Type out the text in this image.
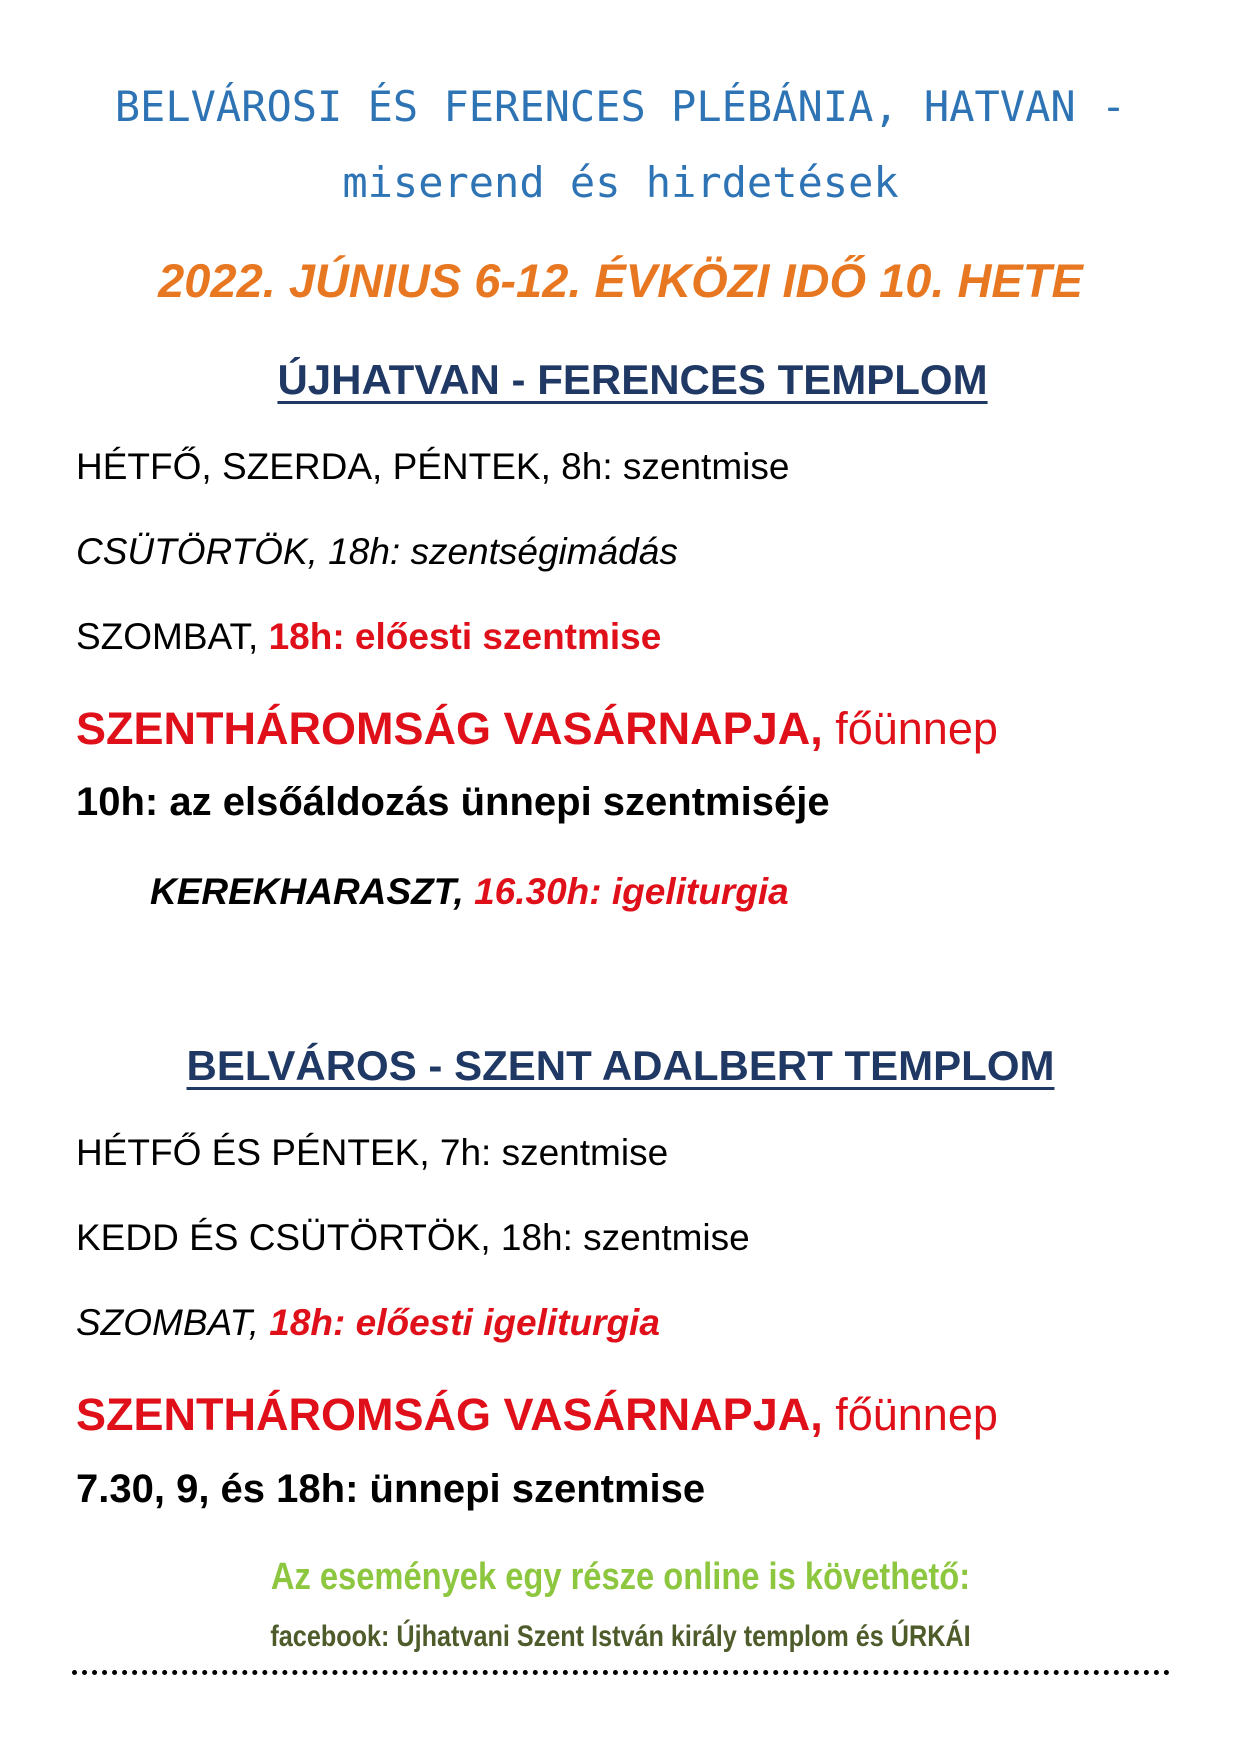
BELVÁROSI ÉS FERENCES PLÉBÁNIA, HATVAN -
miserend és hirdetések
2022. JÚNIUS 6-12. ÉVKÖZI IDŐ 10. HETE
ÚJHATVAN - FERENCES TEMPLOM
HÉTFŐ, SZERDA, PÉNTEK, 8h: szentmise
CSÜTÖRTÖK, 18h: szentségimádás
SZOMBAT, 18h: előesti szentmise
SZENTHÁROMSÁG VASÁRNAPJA, főünnep
10h: az elsőáldozás ünnepi szentmiséje
KEREKHARASZT, 16.30h: igeliturgia
BELVÁROS - SZENT ADALBERT TEMPLOM
HÉTFŐ ÉS PÉNTEK, 7h: szentmise
KEDD ÉS CSÜTÖRTÖK, 18h: szentmise
SZOMBAT, 18h: előesti igeliturgia
SZENTHÁROMSÁG VASÁRNAPJA, főünnep
7.30, 9, és 18h: ünnepi szentmise
Az események egy része online is követhető:
facebook: Újhatvani Szent István király templom és ÚRKÁI
